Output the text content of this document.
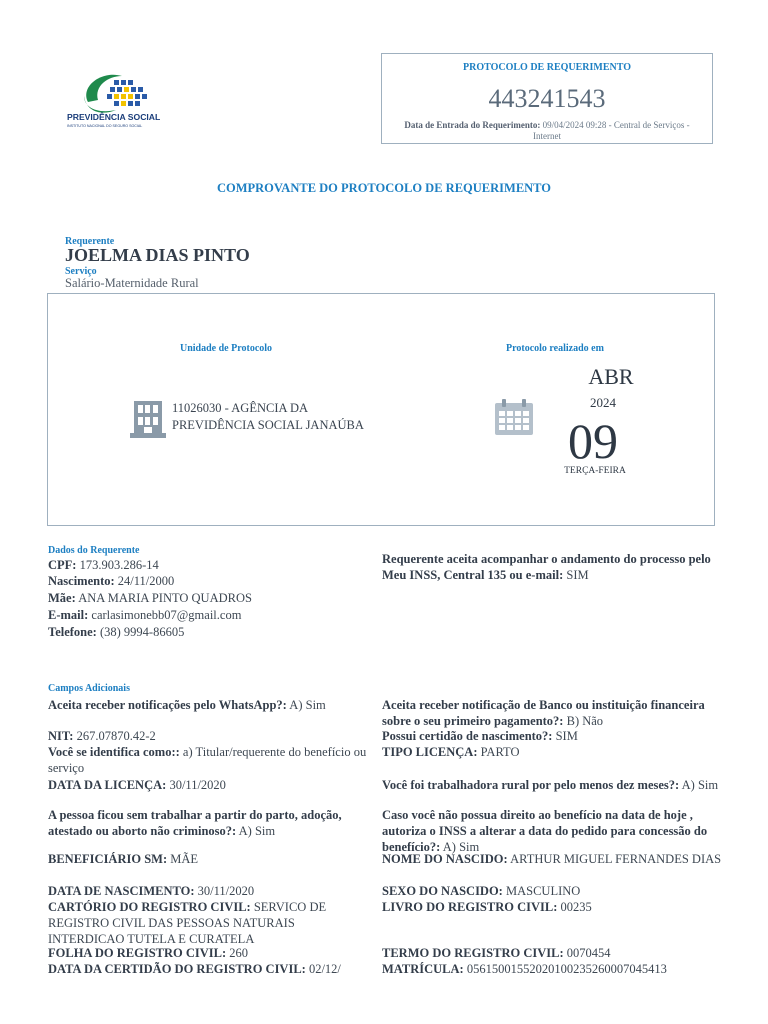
PREVIDÊNCIA SOCIAL
INSTITUTO NACIONAL DO SEGURO SOCIAL
PROTOCOLO DE REQUERIMENTO
443241543
Data de Entrada do Requerimento: 09/04/2024 09:28 - Central de Serviços - Internet
COMPROVANTE DO PROTOCOLO DE REQUERIMENTO
Requerente
JOELMA DIAS PINTO
Serviço
Salário-Maternidade Rural
Unidade de Protocolo
11026030 - AGÊNCIA DA PREVIDÊNCIA SOCIAL JANAÚBA
Protocolo realizado em
ABR
2024
09
TERÇA-FEIRA
Dados do Requerente
CPF: 173.903.286-14
Nascimento: 24/11/2000
Mãe: ANA MARIA PINTO QUADROS
E-mail: carlasimonebb07@gmail.com
Telefone: (38) 9994-86605
Requerente aceita acompanhar o andamento do processo pelo Meu INSS, Central 135 ou e-mail: SIM
Campos Adicionais
Aceita receber notificações pelo WhatsApp?: A) Sim	Aceita receber notificação de Banco ou instituição financeira sobre o seu primeiro pagamento?: B) Não
NIT: 267.07870.42-2	Possui certidão de nascimento?: SIM
Você se identifica como:: a) Titular/requerente do benefício ou serviço
TIPO LICENÇA: PARTO
DATA DA LICENÇA: 30/11/2020	Você foi trabalhadora rural por pelo menos dez meses?: A) Sim
A pessoa ficou sem trabalhar a partir do parto, adoção, atestado ou aborto não criminoso?: A) Sim
Caso você não possua direito ao benefício na data de hoje , autoriza o INSS a alterar a data do pedido para concessão do benefício?: A) Sim
BENEFICIÁRIO SM: MÃE	NOME DO NASCIDO: ARTHUR MIGUEL FERNANDES DIAS
DATA DE NASCIMENTO: 30/11/2020	SEXO DO NASCIDO: MASCULINO
CARTÓRIO DO REGISTRO CIVIL: SERVICO DE REGISTRO CIVIL DAS PESSOAS NATURAIS INTERDICAO TUTELA E CURATELA
LIVRO DO REGISTRO CIVIL: 00235
FOLHA DO REGISTRO CIVIL: 260	TERMO DO REGISTRO CIVIL: 0070454
DATA DA CERTIDÃO DO REGISTRO CIVIL: 02/12/	MATRÍCULA: 05615001552020100235260007045413
